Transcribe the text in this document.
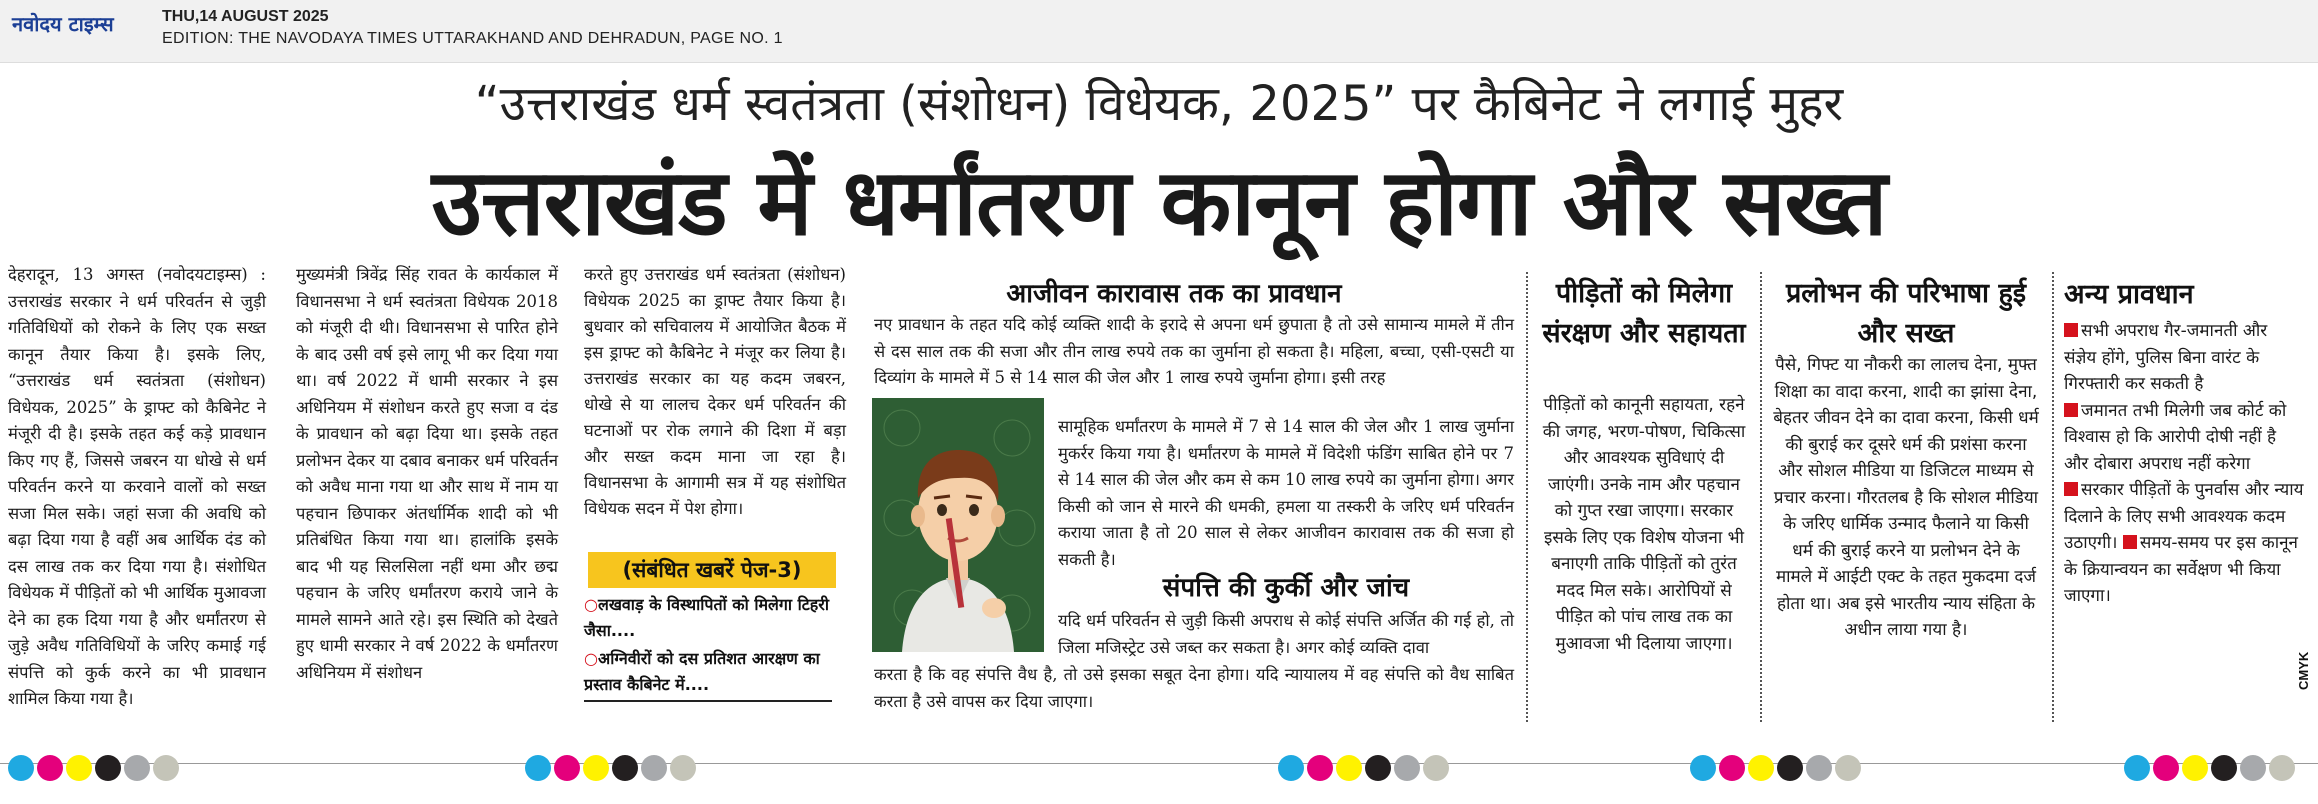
नवोदय टाइम्स	THU,14 AUGUST 2025
EDITION: THE NAVODAYA TIMES UTTARAKHAND AND DEHRADUN, PAGE NO. 1
“उत्तराखंड धर्म स्वतंत्रता (संशोधन) विधेयक, 2025” पर कैबिनेट ने लगाई मुहर
उत्तराखंड में धर्मांतरण कानून होगा और सख्त

देहरादून, 13 अगस्त (नवोदयटाइम्स) : उत्तराखंड सरकार ने धर्म परिवर्तन से जुड़ी गतिविधियों को रोकने के लिए एक सख्त कानून तैयार किया है। इसके लिए, “उत्तराखंड धर्म स्वतंत्रता (संशोधन) विधेयक, 2025” के ड्राफ्ट को कैबिनेट ने मंजूरी दी है। इसके तहत कई कड़े प्रावधान किए गए हैं, जिससे जबरन या धोखे से धर्म परिवर्तन करने या करवाने वालों को सख्त सजा मिल सके। जहां सजा की अवधि को बढ़ा दिया गया है वहीं अब आर्थिक दंड को दस लाख तक कर दिया गया है। संशोधित विधेयक में पीड़ितों को भी आर्थिक मुआवजा देने का हक दिया गया है और धर्मांतरण से जुड़े अवैध गतिविधियों के जरिए कमाई गई संपत्ति को कुर्क करने का भी प्रावधान शामिल किया गया है।

मुख्यमंत्री त्रिवेंद्र सिंह रावत के कार्यकाल में विधानसभा ने धर्म स्वतंत्रता विधेयक 2018 को मंजूरी दी थी। विधानसभा से पारित होने के बाद उसी वर्ष इसे लागू भी कर दिया गया था। वर्ष 2022 में धामी सरकार ने इस अधिनियम में संशोधन करते हुए सजा व दंड के प्रावधान को बढ़ा दिया था। इसके तहत प्रलोभन देकर या दबाव बनाकर धर्म परिवर्तन को अवैध माना गया था और साथ में नाम या पहचान छिपाकर अंतर्धार्मिक शादी को भी प्रतिबंधित किया गया था। हालांकि इसके बाद भी यह सिलसिला नहीं थमा और छद्म पहचान के जरिए धर्मांतरण कराये जाने के मामले सामने आते रहे। इस स्थिति को देखते हुए धामी सरकार ने वर्ष 2022 के धर्मांतरण अधिनियम में संशोधन

करते हुए उत्तराखंड धर्म स्वतंत्रता (संशोधन) विधेयक 2025 का ड्राफ्ट तैयार किया है। बुधवार को सचिवालय में आयोजित बैठक में इस ड्राफ्ट को कैबिनेट ने मंजूर कर लिया है। उत्तराखंड सरकार का यह कदम जबरन, धोखे से या लालच देकर धर्म परिवर्तन की घटनाओं पर रोक लगाने की दिशा में बड़ा और सख्त कदम माना जा रहा है। विधानसभा के आगामी सत्र में यह संशोधित विधेयक सदन में पेश होगा।

(संबंधित खबरें पेज-3)

○लखवाड़ के विस्थापितों को मिलेगा टिहरी जैसा....

○अग्निवीरों को दस प्रतिशत आरक्षण का प्रस्ताव कैबिनेट में....

आजीवन कारावास तक का प्रावधान

नए प्रावधान के तहत यदि कोई व्यक्ति शादी के इरादे से अपना धर्म छुपाता है तो उसे सामान्य मामले में तीन से दस साल तक की सजा और तीन लाख रुपये तक का जुर्माना हो सकता है। महिला, बच्चा, एसी-एसटी या दिव्यांग के मामले में 5 से 14 साल की जेल और 1 लाख रुपये जुर्माना होगा। इसी तरह

सामूहिक धर्मांतरण के मामले में 7 से 14 साल की जेल और 1 लाख जुर्माना मुकर्रर किया गया है। धर्मांतरण के मामले में विदेशी फंडिंग साबित होने पर 7 से 14 साल की जेल और कम से कम 10 लाख रुपये का जुर्माना होगा। अगर किसी को जान से मारने की धमकी, हमला या तस्करी के जरिए धर्म परिवर्तन कराया जाता है तो 20 साल से लेकर आजीवन कारावास तक की सजा हो सकती है।

संपत्ति की कुर्की और जांच

यदि धर्म परिवर्तन से जुड़ी किसी अपराध से कोई संपत्ति अर्जित की गई हो, तो जिला मजिस्ट्रेट उसे जब्त कर सकता है। अगर कोई व्यक्ति दावा

करता है कि वह संपत्ति वैध है, तो उसे इसका सबूत देना होगा। यदि न्यायालय में वह संपत्ति को वैध साबित करता है उसे वापस कर दिया जाएगा।

पीड़ितों को मिलेगा संरक्षण और सहायता

पीड़ितों को कानूनी सहायता, रहने की जगह, भरण-पोषण, चिकित्सा और आवश्यक सुविधाएं दी जाएंगी। उनके नाम और पहचान को गुप्त रखा जाएगा। सरकार इसके लिए एक विशेष योजना भी बनाएगी ताकि पीड़ितों को तुरंत मदद मिल सके। आरोपियों से पीड़ित को पांच लाख तक का मुआवजा भी दिलाया जाएगा।

प्रलोभन की परिभाषा हुई और सख्त

पैसे, गिफ्ट या नौकरी का लालच देना, मुफ्त शिक्षा का वादा करना, शादी का झांसा देना, बेहतर जीवन देने का दावा करना, किसी धर्म की बुराई कर दूसरे धर्म की प्रशंसा करना और सोशल मीडिया या डिजिटल माध्यम से प्रचार करना। गौरतलब है कि सोशल मीडिया के जरिए धार्मिक उन्माद फैलाने या किसी धर्म की बुराई करने या प्रलोभन देने के मामले में आईटी एक्ट के तहत मुकदमा दर्ज होता था। अब इसे भारतीय न्याय संहिता के अधीन लाया गया है।

अन्य प्रावधान
सभी अपराध गैर-जमानती और संज्ञेय होंगे, पुलिस बिना वारंट के गिरफ्तारी कर सकती है
जमानत तभी मिलेगी जब कोर्ट को विश्वास हो कि आरोपी दोषी नहीं है और दोबारा अपराध नहीं करेगा
सरकार पीड़ितों के पुनर्वास और न्याय दिलाने के लिए सभी आवश्यक कदम उठाएगी। समय-समय पर इस कानून के क्रियान्वयन का सर्वेक्षण भी किया जाएगा।
CMYK
